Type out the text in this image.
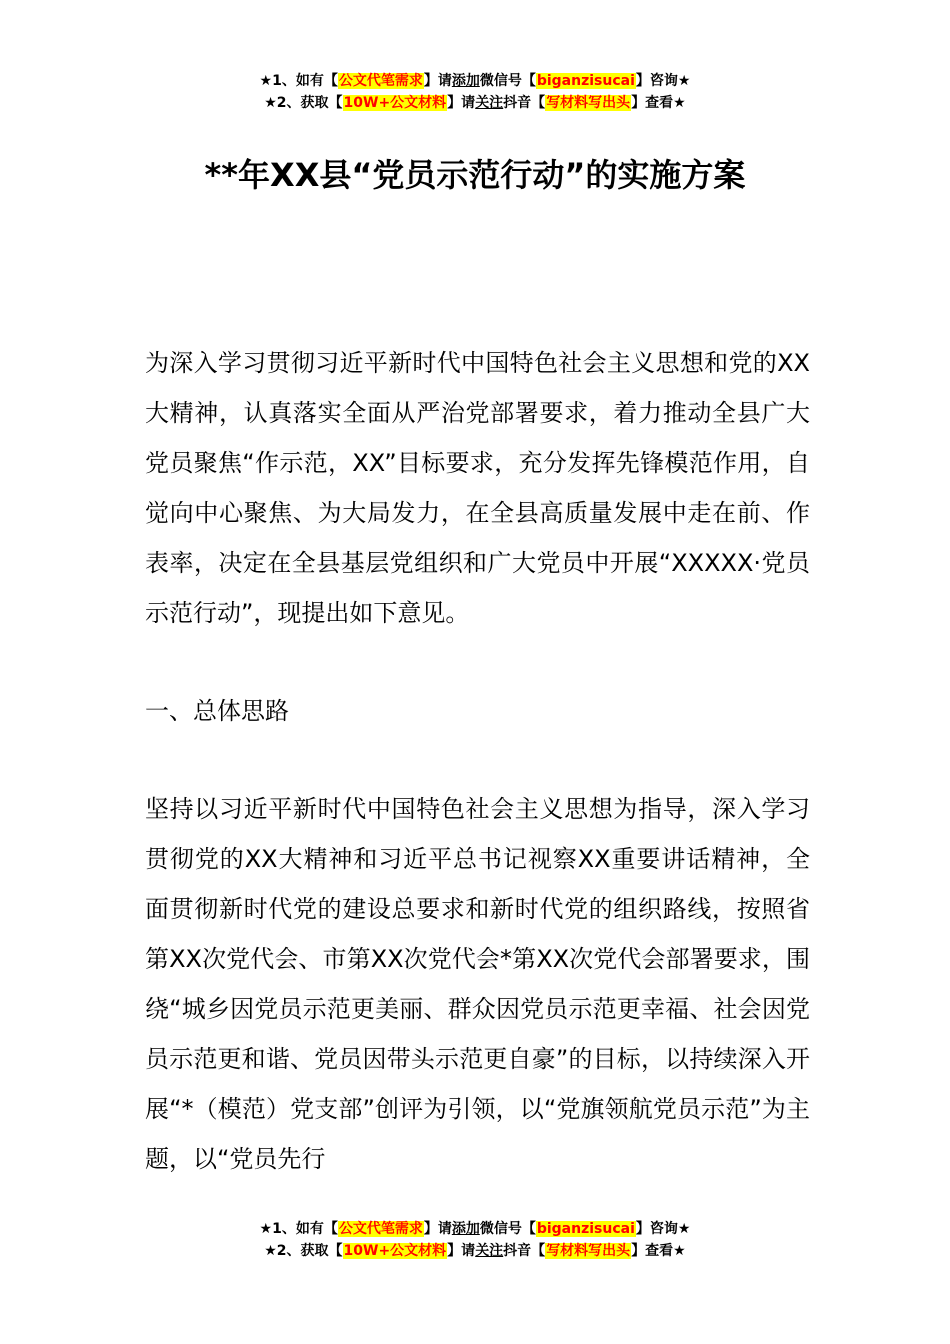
★1、如有【公文代笔需求】请添加微信号【biganzisucai】咨询★
★2、获取【10W+公文材料】请关注抖音【写材料写出头】查看★
**年XX县“党员示范行动”的实施方案

为深入学习贯彻习近平新时代中国特色社会主义思想和党的XX大精神，认真落实全面从严治党部署要求，着力推动全县广大党员聚焦“作示范，XX”目标要求，充分发挥先锋模范作用，自觉向中心聚焦、为大局发力，在全县高质量发展中走在前、作表率，决定在全县基层党组织和广大党员中开展“XXXXX·党员示范行动”，现提出如下意见。

一、总体思路

坚持以习近平新时代中国特色社会主义思想为指导，深入学习贯彻党的XX大精神和习近平总书记视察XX重要讲话精神，全面贯彻新时代党的建设总要求和新时代党的组织路线，按照省第XX次党代会、市第XX次党代会*第XX次党代会部署要求，围绕“城乡因党员示范更美丽、群众因党员示范更幸福、社会因党员示范更和谐、党员因带头示范更自豪”的目标，以持续深入开展“*（模范）党支部”创评为引领，以“党旗领航党员示范”为主题，以“党员先行

★1、如有【公文代笔需求】请添加微信号【biganzisucai】咨询★
★2、获取【10W+公文材料】请关注抖音【写材料写出头】查看★
